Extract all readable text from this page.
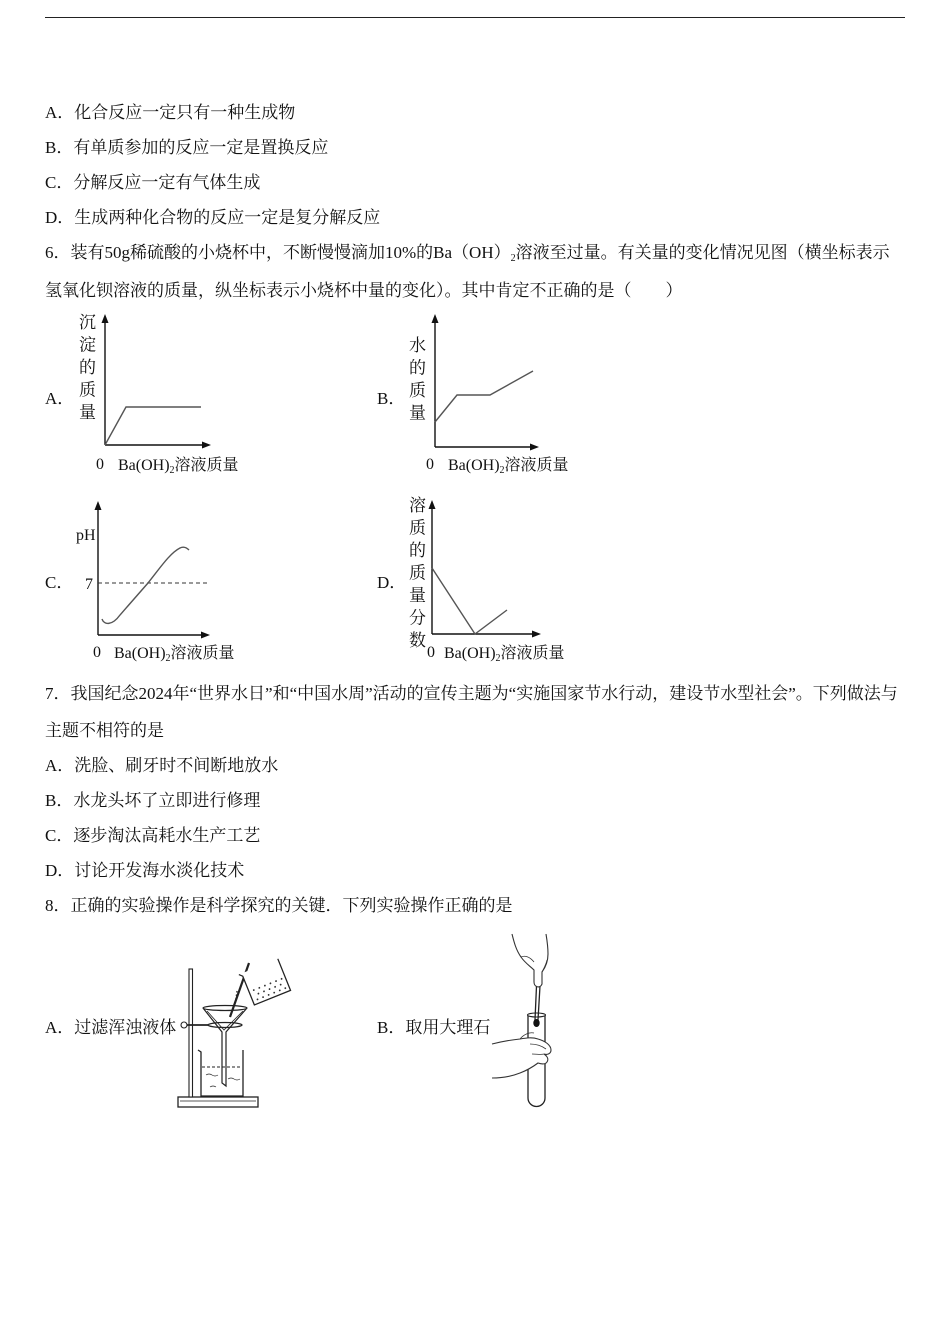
A．化合反应一定只有一种生成物
B．有单质参加的反应一定是置换反应
C．分解反应一定有气体生成
D．生成两种化合物的反应一定是复分解反应
6．装有50g稀硫酸的小烧杯中，不断慢慢滴加10%的$Ba(OH)_2$溶液至过量。有关量的变化情况见图（横坐标表示
氢氧化钡溶液的质量，纵坐标表示小烧杯中量的变化）。其中肯定不正确的是（　　）
A． 沉淀的质量
0 $Ba(OH)_2$溶液质量
B． 水的质量
0 $Ba(OH)_2$溶液质量
C．
pH
7
0 $Ba(OH)_2$溶液质量
D．
溶质的质量分数 0 $Ba(OH)_2$溶液质量
7．我国纪念2024年“世界水日”和“中国水周”活动的宣传主题为“实施国家节水行动，建设节水型社会”。下列做法与
主题不相符的是
A．洗脸、刷牙时不间断地放水
B．水龙头坏了立即进行修理
C．逐步淘汰高耗水生产工艺
D．讨论开发海水淡化技术
8．正确的实验操作是科学探究的关键．下列实验操作正确的是
A．过滤浑浊液体	B．取用大理石
